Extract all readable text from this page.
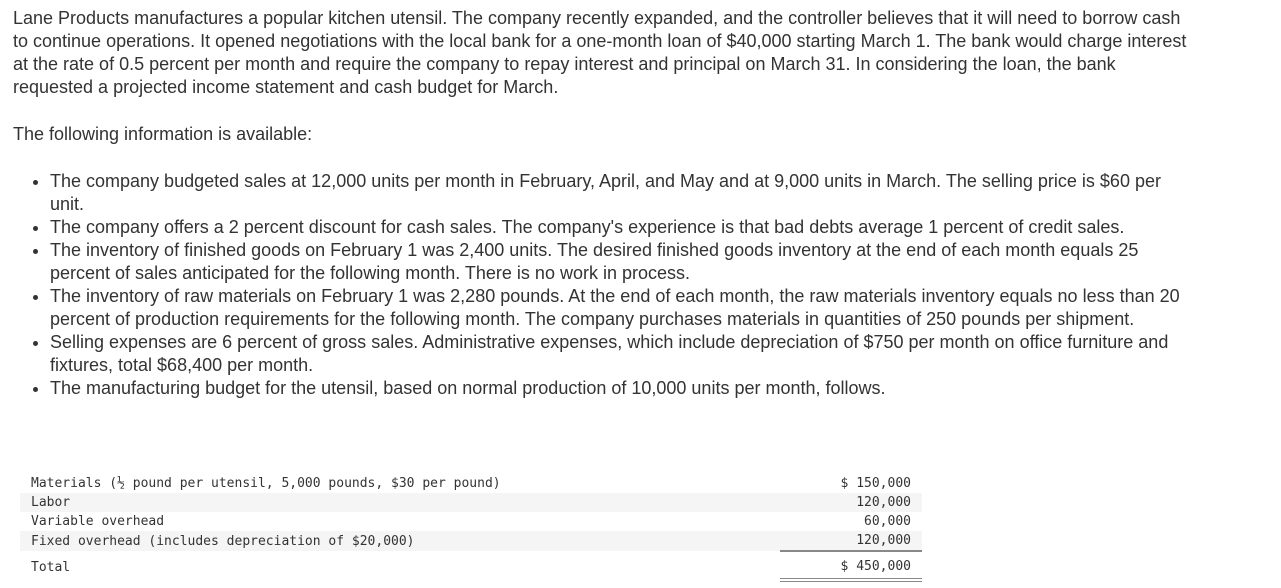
Lane Products manufactures a popular kitchen utensil. The company recently expanded, and the controller believes that it will need to borrow cash to continue operations. It opened negotiations with the local bank for a one-month loan of $40,000 starting March 1. The bank would charge interest at the rate of 0.5 percent per month and require the company to repay interest and principal on March 31. In considering the loan, the bank requested a projected income statement and cash budget for March.

The following information is available:

• The company budgeted sales at 12,000 units per month in February, April, and May and at 9,000 units in March. The selling price is $60 per unit.
• The company offers a 2 percent discount for cash sales. The company's experience is that bad debts average 1 percent of credit sales.
• The inventory of finished goods on February 1 was 2,400 units. The desired finished goods inventory at the end of each month equals 25 percent of sales anticipated for the following month. There is no work in process.
• The inventory of raw materials on February 1 was 2,280 pounds. At the end of each month, the raw materials inventory equals no less than 20 percent of production requirements for the following month. The company purchases materials in quantities of 250 pounds per shipment.
• Selling expenses are 6 percent of gross sales. Administrative expenses, which include depreciation of $750 per month on office furniture and fixtures, total $68,400 per month.
• The manufacturing budget for the utensil, based on normal production of 10,000 units per month, follows.
Materials (½ pound per utensil, 5,000 pounds, $30 per pound)	$ 150,000
Labor	120,000
Variable overhead	60,000
Fixed overhead (includes depreciation of $20,000)	120,000
Total	$ 450,000
